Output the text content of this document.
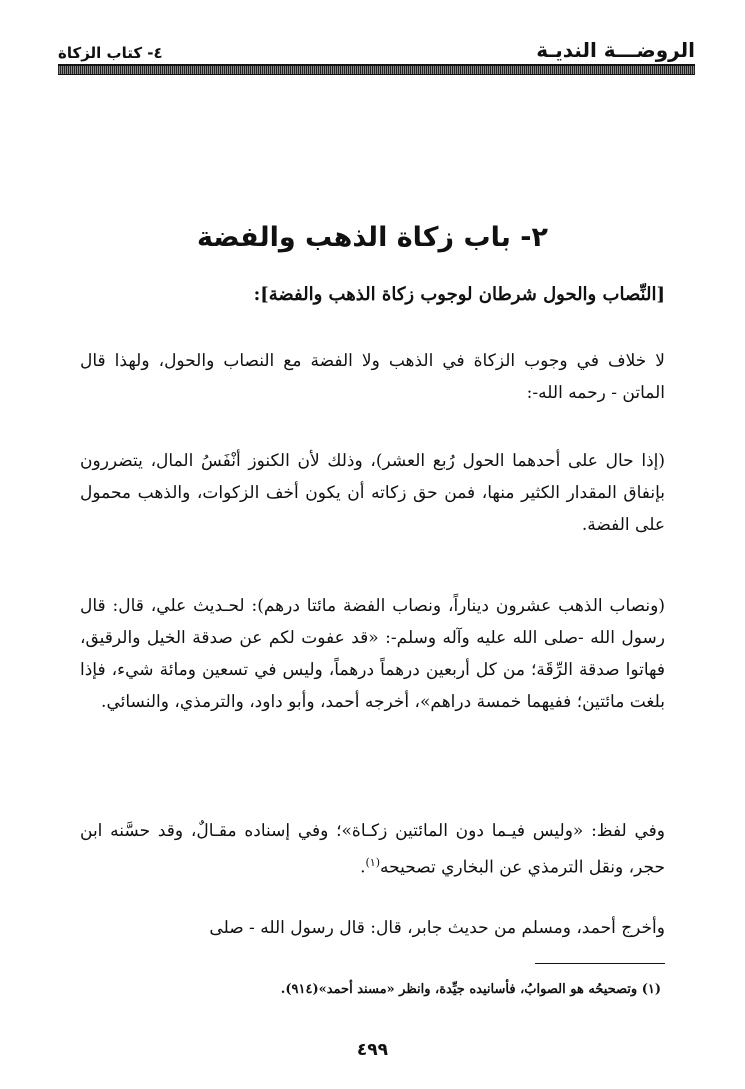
الروضـــة النديـة
٤- كتاب الزكاة
٢- باب زكاة الذهب والفضة
[النِّصاب والحول شرطان لوجوب زكاة الذهب والفضة]:
لا خلاف في وجوب الزكاة في الذهب ولا الفضة مع النصاب والحول، ولهذا قال الماتن - رحمه الله-:
(إذا حال على أحدهما الحول رُبع العشر)، وذلك لأن الكنوز أنْفَسُ المال، يتضررون بإنفاق المقدار الكثير منها، فمن حق زكاته أن يكون أخف الزكوات، والذهب محمول على الفضة.
(ونصاب الذهب عشرون ديناراً، ونصاب الفضة مائتا درهم): لحـديث علي، قال: قال رسول الله -صلى الله عليه وآله وسلم-: «قد عفوت لكم عن صدقة الخيل والرقيق، فهاتوا صدقة الرِّقَة؛ من كل أربعين درهماً درهماً، وليس في تسعين ومائة شيء، فإذا بلغت مائتين؛ ففيهما خمسة دراهم»، أخرجه أحمد، وأبو داود، والترمذي، والنسائي.
وفي لفظ: «وليس فيـما دون المائتين زكـاة»؛ وفي إسناده مقـالٌ، وقد حسَّنه ابن حجر، ونقل الترمذي عن البخاري تصحيحه$^{(١)}$.
وأخرج أحمد، ومسلم من حديث جابر، قال: قال رسول الله - صلى
(١) وتصحيحُه هو الصوابُ، فأسانيده جيِّدة، وانظر «مسند أحمد»(٩١٤).
٤٩٩
